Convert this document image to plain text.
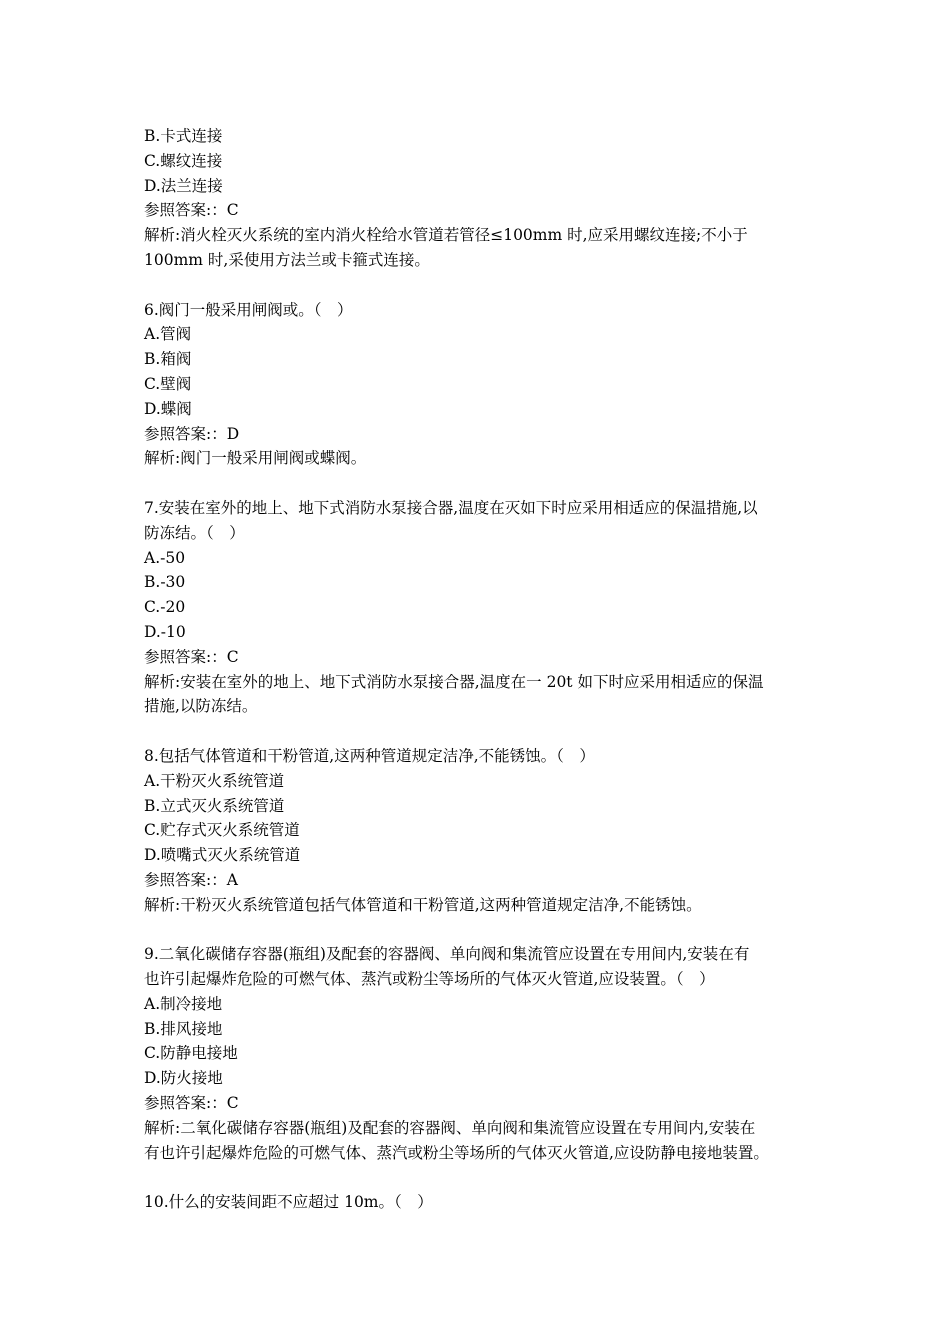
B.卡式连接
C.螺纹连接
D.法兰连接
参照答案:：C
解析:消火栓灭火系统的室内消火栓给水管道若管径≤100mm 时,应采用螺纹连接;不小于
100mm 时,采使用方法兰或卡箍式连接。
6.阀门一般采用闸阀或。（　）
A.管阀
B.箱阀
C.壁阀
D.蝶阀
参照答案:：D
解析:阀门一般采用闸阀或蝶阀。
7.安装在室外的地上、地下式消防水泵接合器,温度在灭如下时应采用相适应的保温措施,以
防冻结。（　）
A.-50
B.-30
C.-20
D.-10
参照答案:：C
解析:安装在室外的地上、地下式消防水泵接合器,温度在一 20t 如下时应采用相适应的保温
措施,以防冻结。
8.包括气体管道和干粉管道,这两种管道规定洁净,不能锈蚀。（　）
A.干粉灭火系统管道
B.立式灭火系统管道
C.贮存式灭火系统管道
D.喷嘴式灭火系统管道
参照答案:：A
解析:干粉灭火系统管道包括气体管道和干粉管道,这两种管道规定洁净,不能锈蚀。
9.二氧化碳储存容器(瓶组)及配套的容器阀、单向阀和集流管应设置在专用间内,安装在有
也许引起爆炸危险的可燃气体、蒸汽或粉尘等场所的气体灭火管道,应设装置。（　）
A.制冷接地
B.排风接地
C.防静电接地
D.防火接地
参照答案:：C
解析:二氧化碳储存容器(瓶组)及配套的容器阀、单向阀和集流管应设置在专用间内,安装在
有也许引起爆炸危险的可燃气体、蒸汽或粉尘等场所的气体灭火管道,应设防静电接地装置。
10.什么的安装间距不应超过 10m。（　）
